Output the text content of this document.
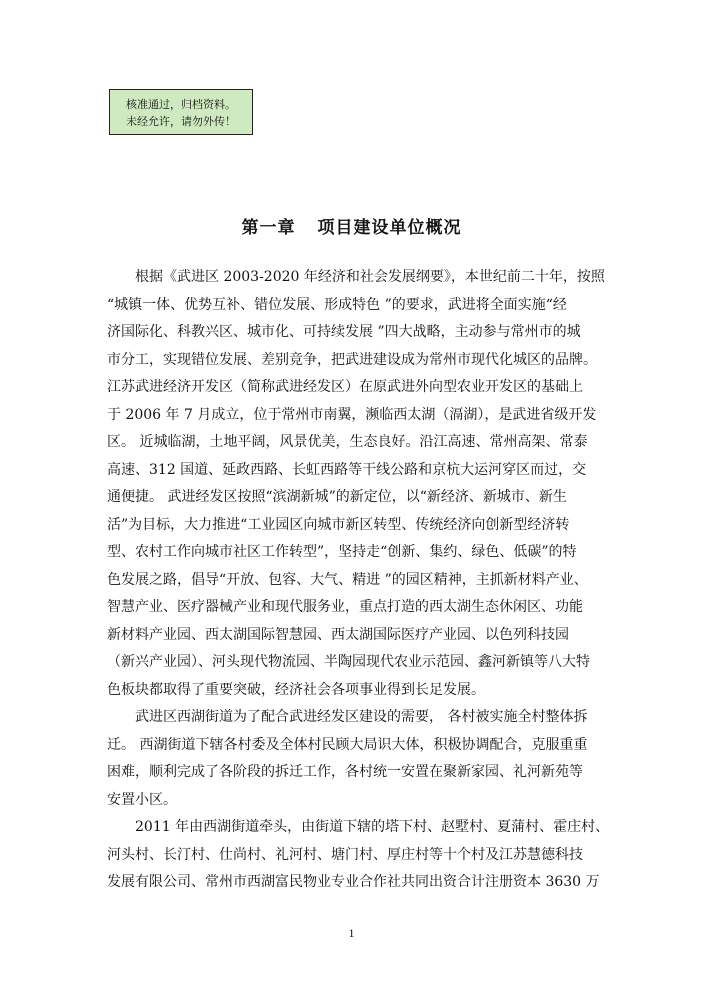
核准通过，归档资料。
未经允许，请勿外传！
第一章 项目建设单位概况
根据《武进区 2003-2020 年经济和社会发展纲要》，本世纪前二十年，按照
“城镇一体、优势互补、错位发展、形成特色 ”的要求，武进将全面实施“经
济国际化、科教兴区、城市化、可持续发展 ”四大战略，主动参与常州市的城
市分工，实现错位发展、差别竞争，把武进建设成为常州市现代化城区的品牌。
江苏武进经济开发区（简称武进经发区）在原武进外向型农业开发区的基础上
于 2006 年 7 月成立，位于常州市南翼，濒临西太湖（滆湖），是武进省级开发
区。 近城临湖，土地平阔，风景优美，生态良好。沿江高速、常州高架、常泰
高速、312 国道、延政西路、长虹西路等干线公路和京杭大运河穿区而过，交
通便捷。 武进经发区按照“滨湖新城”的新定位，以“新经济、新城市、新生
活”为目标，大力推进“工业园区向城市新区转型、传统经济向创新型经济转
型、农村工作向城市社区工作转型”，坚持走“创新、集约、绿色、低碳”的特
色发展之路，倡导“开放、包容、大气、精进 ”的园区精神，主抓新材料产业、
智慧产业、医疗器械产业和现代服务业，重点打造的西太湖生态休闲区、功能
新材料产业园、西太湖国际智慧园、西太湖国际医疗产业园、以色列科技园
（新兴产业园）、河头现代物流园、半陶园现代农业示范园、鑫河新镇等八大特
色板块都取得了重要突破，经济社会各项事业得到长足发展。
武进区西湖街道为了配合武进经发区建设的需要， 各村被实施全村整体拆
迁。 西湖街道下辖各村委及全体村民顾大局识大体，积极协调配合，克服重重
困难，顺利完成了各阶段的拆迁工作，各村统一安置在聚新家园、礼河新苑等
安置小区。
2011 年由西湖街道牵头，由街道下辖的塔下村、赵墅村、夏蒲村、霍庄村、
河头村、长汀村、仕尚村、礼河村、塘门村、厚庄村等十个村及江苏慧德科技
发展有限公司、常州市西湖富民物业专业合作社共同出资合计注册资本 3630 万
1
